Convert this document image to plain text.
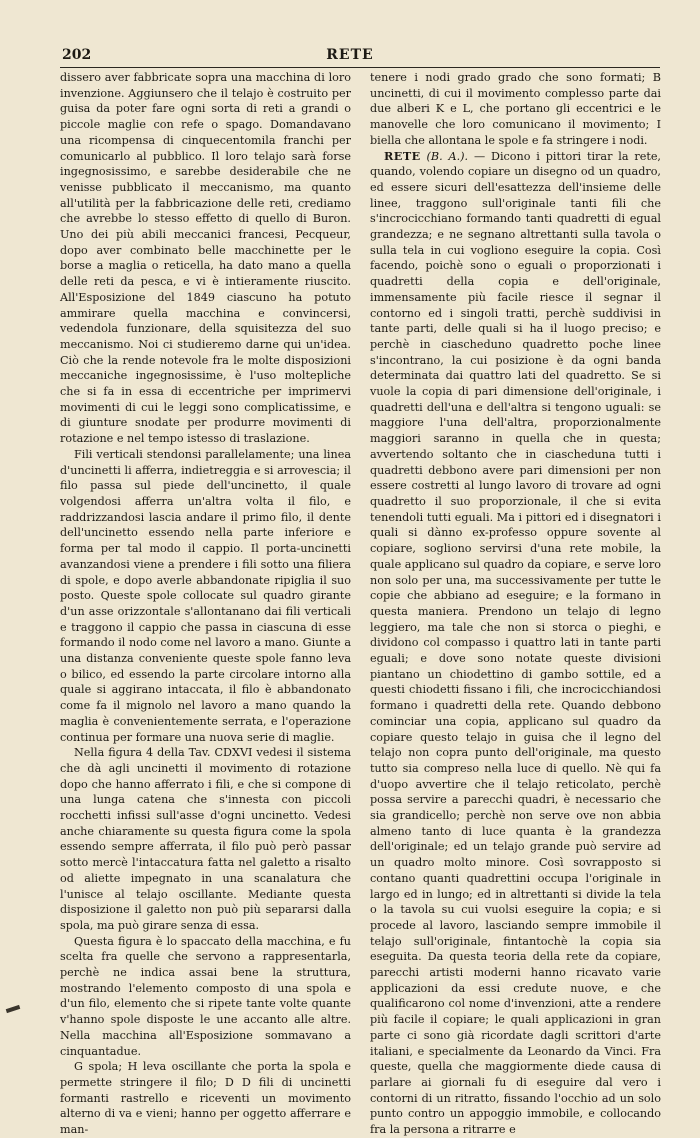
202	RETE

dissero aver fabbricate sopra una macchina di loro invenzione. Aggiunsero che il telajo è costruito per guisa da poter fare ogni sorta di reti a grandi o piccole maglie con refe o spago. Domandavano una ricompensa di cinquecentomila franchi per comunicarlo al pubblico. Il loro telajo sarà forse ingegnosissimo, e sarebbe desiderabile che ne venisse pubblicato il meccanismo, ma quanto all'utilità per la fabbricazione delle reti, crediamo che avrebbe lo stesso effetto di quello di Buron. Uno dei più abili meccanici francesi, Pecqueur, dopo aver combinato belle macchinette per le borse a maglia o reticella, ha dato mano a quella delle reti da pesca, e vi è intieramente riuscito. All'Esposizione del 1849 ciascuno ha potuto ammirare quella macchina e convincersi, vedendola funzionare, della squisitezza del suo meccanismo. Noi ci studieremo darne qui un'idea. Ciò che la rende notevole fra le molte disposizioni meccaniche ingegnosissime, è l'uso moltepliche che si fa in essa di eccentriche per imprimervi movimenti di cui le leggi sono complicatissime, e di giunture snodate per produrre movimenti di rotazione e nel tempo istesso di traslazione.

Fili verticali stendonsi parallelamente; una linea d'uncinetti li afferra, indietreggia e si arrovescia; il filo passa sul piede dell'uncinetto, il quale volgendosi afferra un'altra volta il filo, e raddrizzandosi lascia andare il primo filo, il dente dell'uncinetto essendo nella parte inferiore e forma per tal modo il cappio. Il porta-uncinetti avanzandosi viene a prendere i fili sotto una filiera di spole, e dopo averle abbandonate ripiglia il suo posto. Queste spole collocate sul quadro girante d'un asse orizzontale s'allontanano dai fili verticali e traggono il cappio che passa in ciascuna di esse formando il nodo come nel lavoro a mano. Giunte a una distanza conveniente queste spole fanno leva o bilico, ed essendo la parte circolare intorno alla quale si aggirano intaccata, il filo è abbandonato come fa il mignolo nel lavoro a mano quando la maglia è convenientemente serrata, e l'operazione continua per formare una nuova serie di maglie.

Nella figura 4 della Tav. CDXVI vedesi il sistema che dà agli uncinetti il movimento di rotazione dopo che hanno afferrato i fili, e che si compone di una lunga catena che s'innesta con piccoli rocchetti infissi sull'asse d'ogni uncinetto. Vedesi anche chiaramente su questa figura come la spola essendo sempre afferrata, il filo può però passar sotto mercè l'intaccatura fatta nel galetto a risalto od aliette impegnato in una scanalatura che l'unisce al telajo oscillante. Mediante questa disposizione il galetto non può più separarsi dalla spola, ma può girare senza di essa.

Questa figura è lo spaccato della macchina, e fu scelta fra quelle che servono a rappresentarla, perchè ne indica assai bene la struttura, mostrando l'elemento composto di una spola e d'un filo, elemento che si ripete tante volte quante v'hanno spole disposte le une accanto alle altre. Nella macchina all'Esposizione sommavano a cinquantadue.

G spola; H leva oscillante che porta la spola e permette stringere il filo; D D fili di uncinetti formanti rastrello e riceventi un movimento alterno di va e vieni; hanno per oggetto afferrare e man-

tenere i nodi grado grado che sono formati; B uncinetti, di cui il movimento complesso parte dai due alberi K e L, che portano gli eccentrici e le manovelle che loro comunicano il movimento; I biella che allontana le spole e fa stringere i nodi.

RETE (B. A.). — Dicono i pittori tirar la rete, quando, volendo copiare un disegno od un quadro, ed essere sicuri dell'esattezza dell'insieme delle linee, traggono sull'originale tanti fili che s'incrocicchiano formando tanti quadretti di egual grandezza; e ne segnano altrettanti sulla tavola o sulla tela in cui vogliono eseguire la copia. Così facendo, poichè sono o eguali o proporzionati i quadretti della copia e dell'originale, immensamente più facile riesce il segnar il contorno ed i singoli tratti, perchè suddivisi in tante parti, delle quali si ha il luogo preciso; e perchè in ciascheduno quadretto poche linee s'incontrano, la cui posizione è da ogni banda determinata dai quattro lati del quadretto. Se si vuole la copia di pari dimensione dell'originale, i quadretti dell'una e dell'altra si tengono uguali: se maggiore l'una dell'altra, proporzionalmente maggiori saranno in quella che in questa; avvertendo soltanto che in ciascheduna tutti i quadretti debbono avere pari dimensioni per non essere costretti al lungo lavoro di trovare ad ogni quadretto il suo proporzionale, il che si evita tenendoli tutti eguali. Ma i pittori ed i disegnatori i quali si dànno ex-professo oppure sovente al copiare, sogliono servirsi d'una rete mobile, la quale applicano sul quadro da copiare, e serve loro non solo per una, ma successivamente per tutte le copie che abbiano ad eseguire; e la formano in questa maniera. Prendono un telajo di legno leggiero, ma tale che non si storca o pieghi, e dividono col compasso i quattro lati in tante parti eguali; e dove sono notate queste divisioni piantano un chiodettino di gambo sottile, ed a questi chiodetti fissano i fili, che incrocicchiandosi formano i quadretti della rete. Quando debbono cominciar una copia, applicano sul quadro da copiare questo telajo in guisa che il legno del telajo non copra punto dell'originale, ma questo tutto sia compreso nella luce di quello. Nè qui fa d'uopo avvertire che il telajo reticolato, perchè possa servire a parecchi quadri, è necessario che sia grandicello; perchè non serve ove non abbia almeno tanto di luce quanta è la grandezza dell'originale; ed un telajo grande può servire ad un quadro molto minore. Così sovrapposto si contano quanti quadrettini occupa l'originale in largo ed in lungo; ed in altrettanti si divide la tela o la tavola su cui vuolsi eseguire la copia; e si procede al lavoro, lasciando sempre immobile il telajo sull'originale, fintantochè la copia sia eseguita. Da questa teoria della rete da copiare, parecchi artisti moderni hanno ricavato varie applicazioni da essi credute nuove, e che qualificarono col nome d'invenzioni, atte a rendere più facile il copiare; le quali applicazioni in gran parte ci sono già ricordate dagli scrittori d'arte italiani, e specialmente da Leonardo da Vinci. Fra queste, quella che maggiormente diede causa di parlare ai giornali fu di eseguire dal vero i contorni di un ritratto, fissando l'occhio ad un solo punto contro un appoggio immobile, e collocando fra la persona a ritrarre e
